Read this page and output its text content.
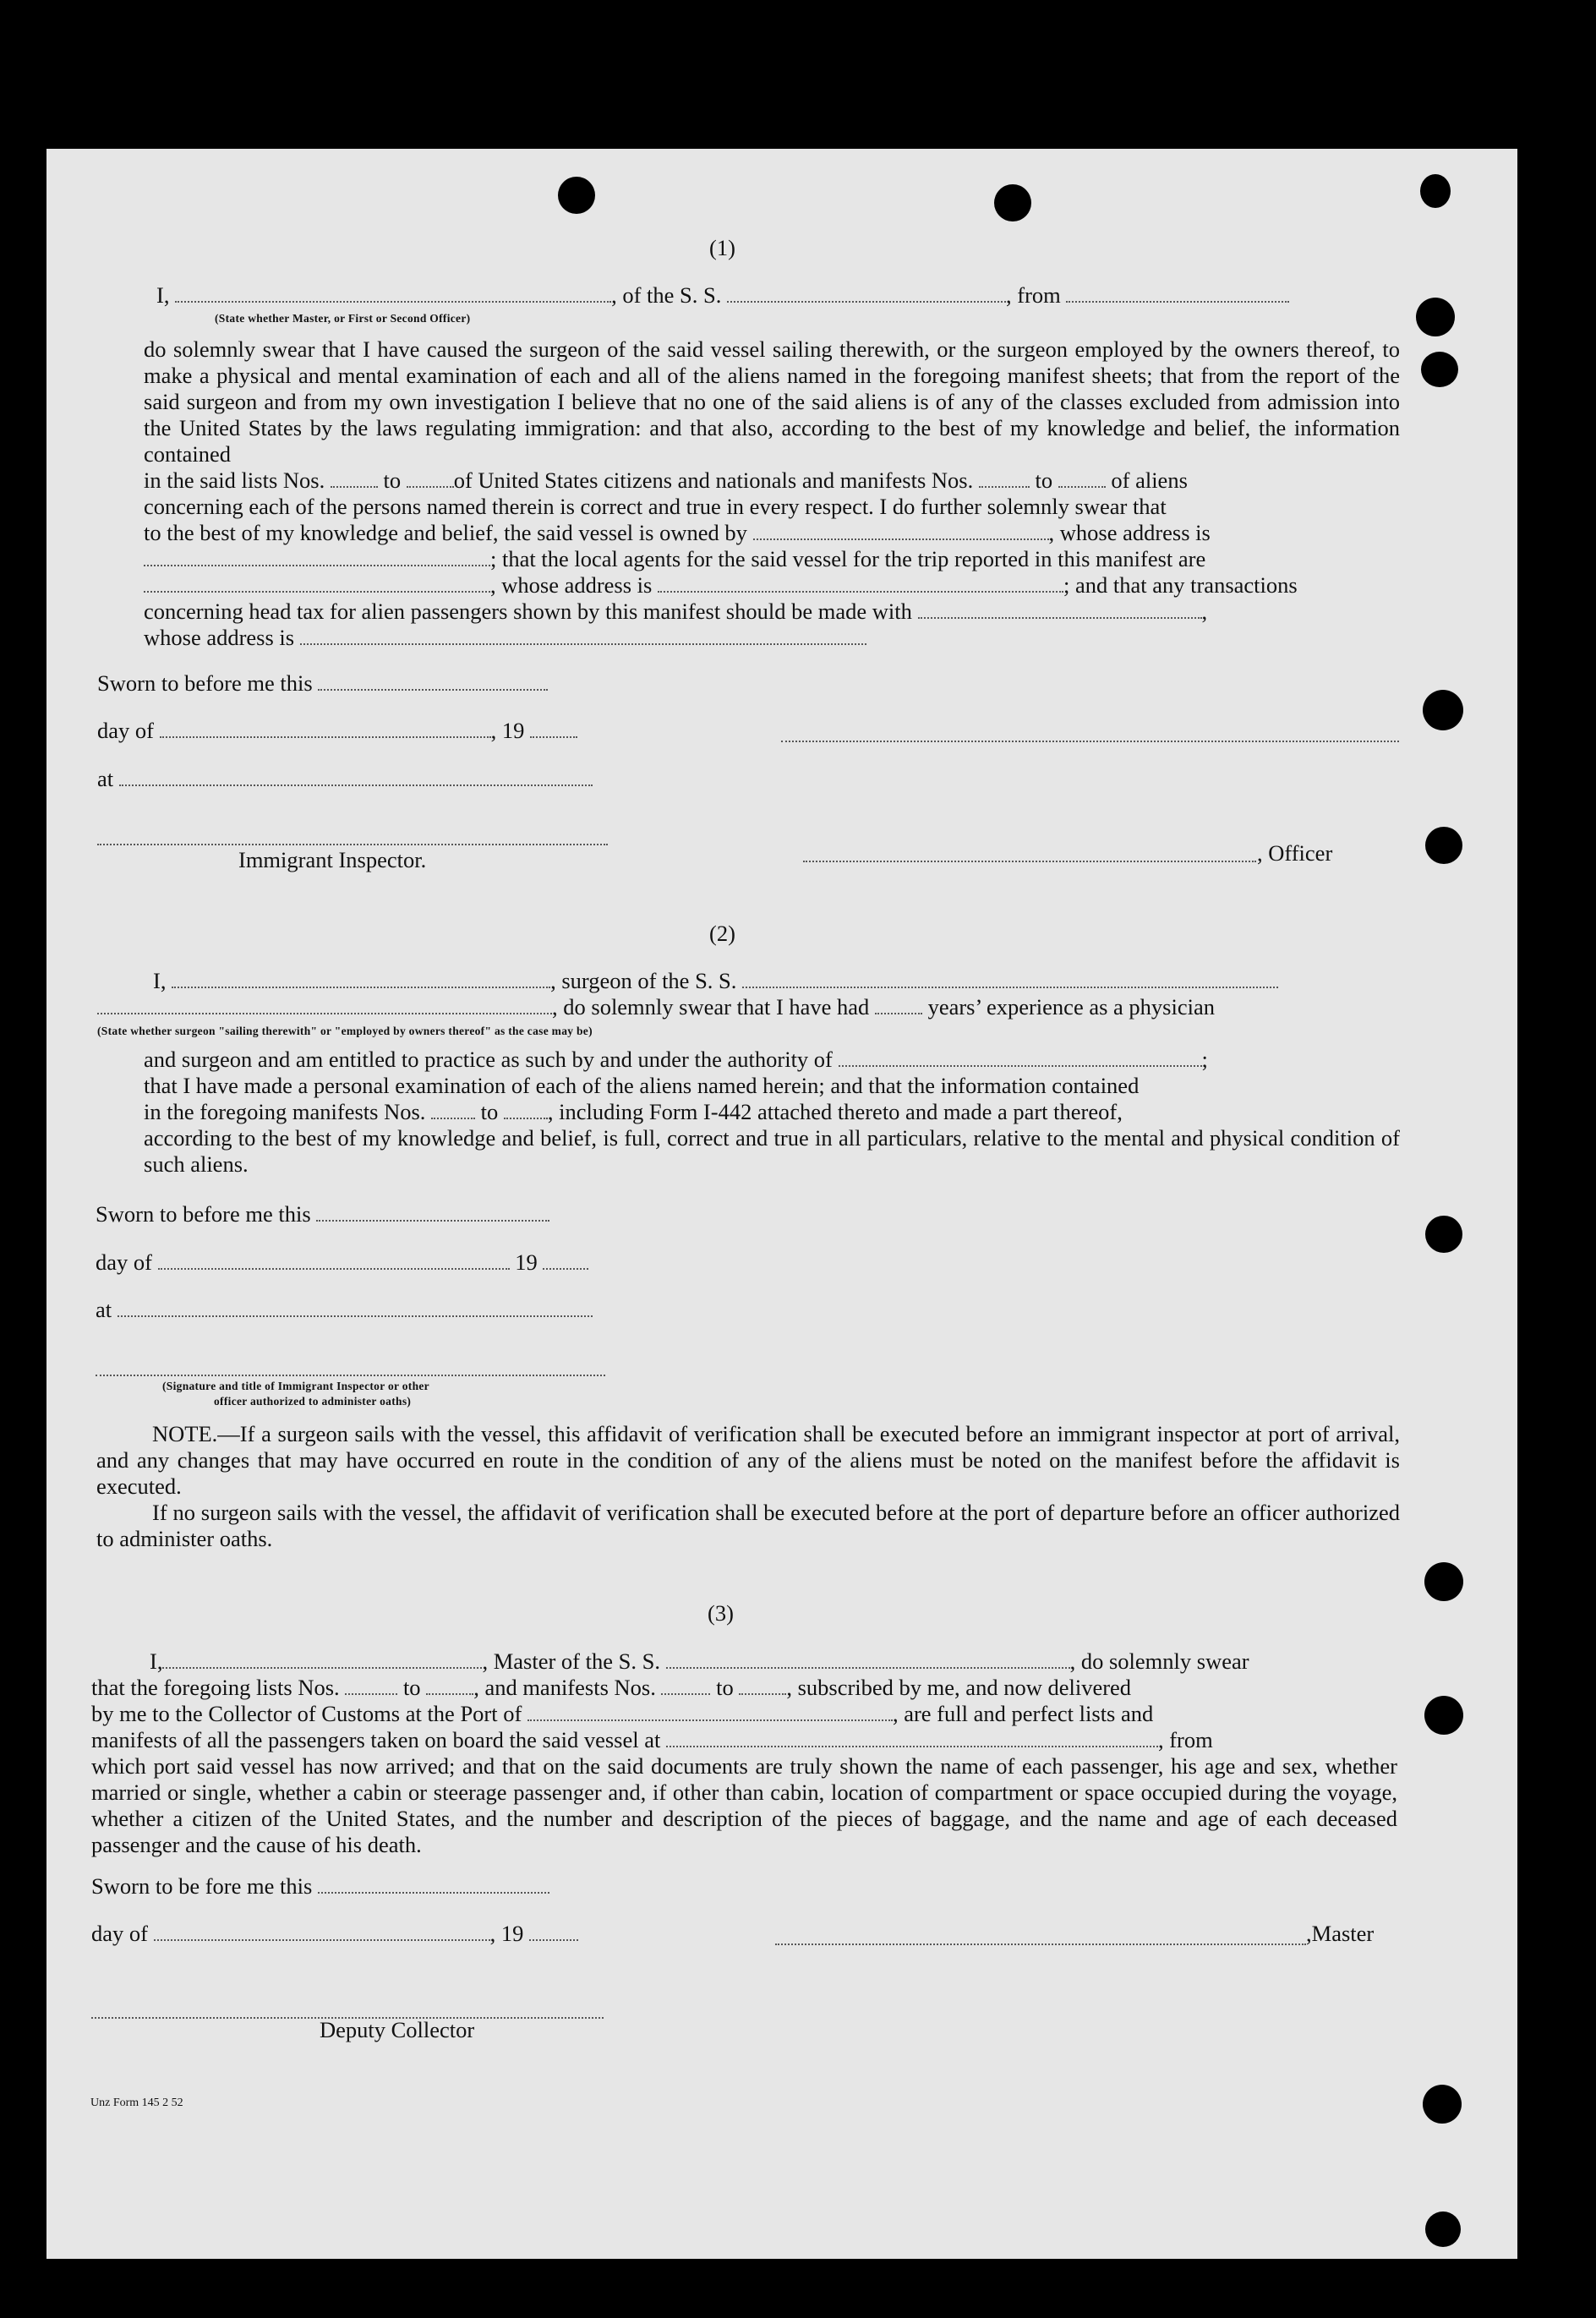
(1)
I,	, of the S. S.	, from
(State whether Master, or First or Second Officer)
do solemnly swear that I have caused the surgeon of the said vessel sailing therewith, or the surgeon employed by the owners thereof, to make a physical and mental examination of each and all of the aliens named in the foregoing manifest sheets; that from the report of the said surgeon and from my own investigation I believe that no one of the said aliens is of any of the classes excluded from admission into the United States by the laws regulating immigration: and that also, according to the best of my knowledge and belief, the information contained
in the said lists Nos.	to of United States citizens and nationals and manifests Nos.	to	of aliens
concerning each of the persons named therein is correct and true in every respect. I do further solemnly swear that
to the best of my knowledge and belief, the said vessel is owned by	, whose address is
; that the local agents for the said vessel for the trip reported in this manifest are
, whose address is	; and that any transactions
concerning head tax for alien passengers shown by this manifest should be made with	,
whose address is
Sworn to before me this
day of	, 19
at
Immigrant Inspector.	, Officer
(2)
I,	, surgeon of the S. S.
, do solemnly swear that I have had	years’ experience as a physician
(State whether surgeon "sailing therewith" or "employed by owners thereof" as the case may be)
and surgeon and am entitled to practice as such by and under the authority of	;
that I have made a personal examination of each of the aliens named herein; and that the information contained
in the foregoing manifests Nos. to , including Form I-442 attached thereto and made a part thereof,
according to the best of my knowledge and belief, is full, correct and true in all particulars, relative to the mental and physical condition of such aliens.
Sworn to before me this
day of	19
at
(Signature and title of Immigrant Inspector or other
officer authorized to administer oaths)
NOTE.—If a surgeon sails with the vessel, this affidavit of verification shall be executed before an immigrant inspector at port of arrival, and any changes that may have occurred en route in the condition of any of the aliens must be noted on the manifest before the affidavit is executed.
If no surgeon sails with the vessel, the affidavit of verification shall be executed before at the port of departure before an officer authorized to administer oaths.
(3)
I,	, Master of the S. S.	, do solemnly swear
that the foregoing lists Nos.	to , and manifests Nos.	to , subscribed by me, and now delivered
by me to the Collector of Customs at the Port of	, are full and perfect lists and
manifests of all the passengers taken on board the said vessel at	, from
which port said vessel has now arrived; and that on the said documents are truly shown the name of each passenger, his age and sex, whether married or single, whether a cabin or steerage passenger and, if other than cabin, location of compartment or space occupied during the voyage, whether a citizen of the United States, and the number and description of the pieces of baggage, and the name and age of each deceased passenger and the cause of his death.
Sworn to be fore me this
day of	, 19	,Master
Deputy Collector
Unz Form 145 2 52
